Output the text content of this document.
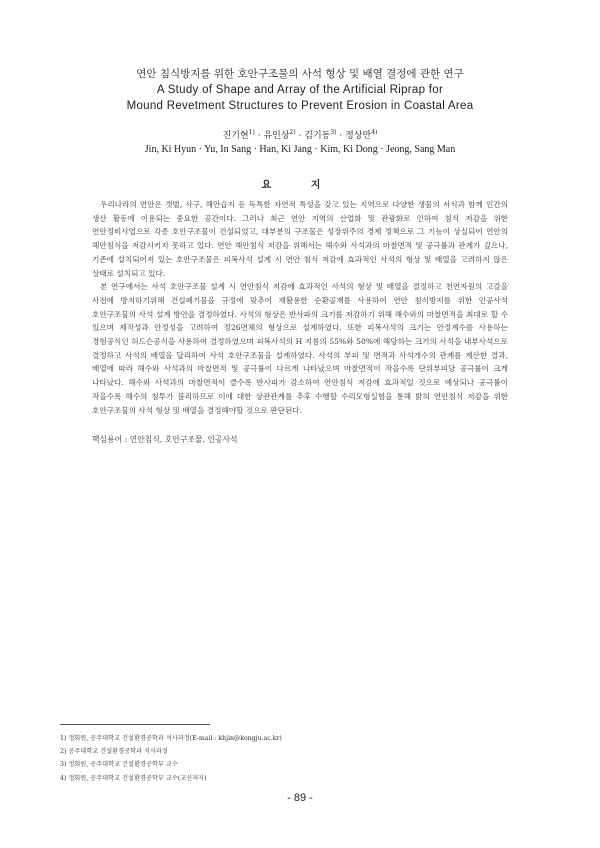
연안 침식방지를 위한 호안구조물의 사석 형상 및 배열 결정에 관한 연구
A Study of Shape and Array of the Artificial Riprap for
Mound Revetment Structures to Prevent Erosion in Coastal Area
진기현$^{1)}$ · 유인상$^{2)}$ · 김기동$^{3)}$ · 정상만$^{4)}$
Jin, Ki Hyun · Yu, In Sang · Han, Ki Jang · Kim, Ki Dong · Jeong, Sang Man
요 지

우리나라의 연안은 갯벌, 사구, 해안습지 등 독특한 자연적 특성을 갖고 있는 지역으로 다양한 생물의 서식과 함께 인간의 생산 활동에 이용되는 중요한 공간이다. 그러나 최근 연안 지역의 산업화 및 관광화로 인하여 침식 저감을 위한 연안정비사업으로 각종 호안구조물이 건설되었고, 대부분의 구조물은 성장위주의 경제 정책으로 그 기능이 상실되어 연안의 해안침식을 저감시키지 못하고 있다. 연안 해안침식 저감을 위해서는 해수와 사석과의 마찰면적 및 공극률과 관계가 깊으나, 기존에 설치되어져 있는 호안구조물은 피복사석 설계 시 연안 침식 저감에 효과적인 사석의 형상 및 배열을 고려하지 않은 상태로 설치되고 있다.

본 연구에서는 사석 호안구조물 설계 시 연안침식 저감에 효과적인 사석의 형상 및 배열을 결정하고 천연자원의 고갈을 사전에 방지하기위해 건설폐기물을 규정에 맞추어 재활용한 순환골재를 사용하여 연안 침식방지를 위한 인공사석 호안구조물의 사석 설계 방안을 결정하였다. 사석의 형상은 반사파의 크기를 저감하기 위해 해수와의 마찰면적을 최대로 할 수 있으며 제작성과 안정성을 고려하여 정26면체의 형상으로 설계하였다. 또한 피복사석의 크기는 안정계수를 사용하는 경험공식인 허드슨공식을 사용하여 결정하였으며 피복사석의 H 지름의 55%와 50%에 해당하는 크기의 사석을 내부사석으로 결정하고 사석의 배열을 달리하여 사석 호안구조물을 설계하였다. 사석의 부피 및 면적과 사석개수의 관계를 계산한 결과, 배열에 따라 해수와 사석과의 마찰면적 및 공극률이 다르게 나타났으며 마찰면적이 작을수록 단위부피당 공극률이 크게 나타났다. 해수와 사석과의 마찰면적이 클수록 반사파가 감소하여 연안침식 저감에 효과적일 것으로 예상되나 공극률이 작을수록 해수의 침투가 불리하므로 이에 대한 상관관계를 추후 수행할 수리모형실험을 통해 밝혀 연안침식 저감을 위한 호안구조물의 사석 형상 및 배열을 결정해야할 것으로 판단된다.

핵심용어 : 연안침식, 호안구조물, 인공사석
1) 정회원, 공주대학교 건설환경공학과 석사과정(E-mail : khjin@kongju.ac.kr)
2) 공주대학교 건설환경공학과 석사과정
3) 정회원, 공주대학교 건설환경공학부 교수
4) 정회원, 공주대학교 건설환경공학부 교수(교신저자)
- 89 -
